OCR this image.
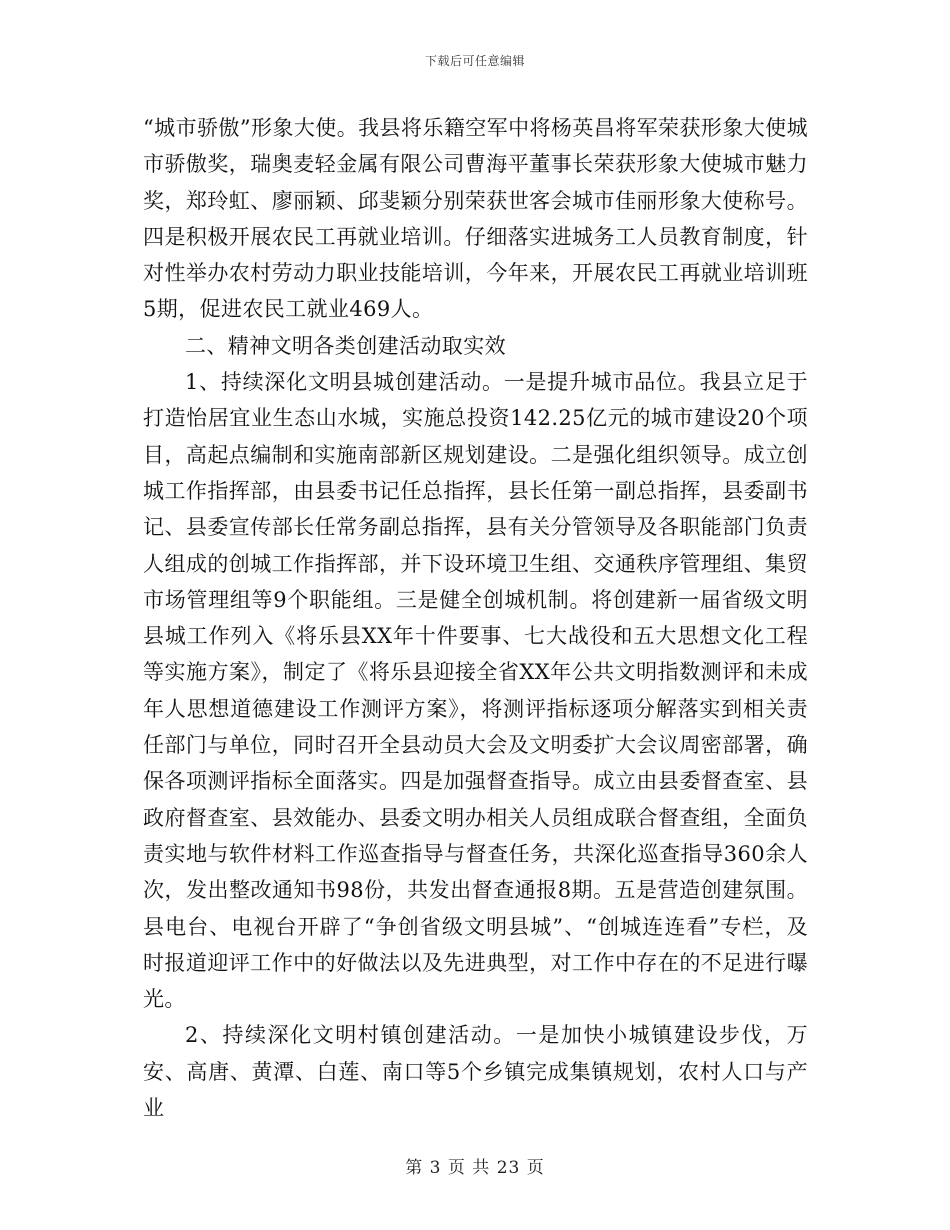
下载后可任意编辑

“城市骄傲”形象大使。我县将乐籍空军中将杨英昌将军荣获形象大使城市骄傲奖，瑞奥麦轻金属有限公司曹海平董事长荣获形象大使城市魅力奖，郑玲虹、廖丽颖、邱斐颖分别荣获世客会城市佳丽形象大使称号。四是积极开展农民工再就业培训。仔细落实进城务工人员教育制度，针对性举办农村劳动力职业技能培训，今年来，开展农民工再就业培训班5期，促进农民工就业469人。

二、精神文明各类创建活动取实效

1、持续深化文明县城创建活动。一是提升城市品位。我县立足于打造怡居宜业生态山水城，实施总投资142.25亿元的城市建设20个项目，高起点编制和实施南部新区规划建设。二是强化组织领导。成立创城工作指挥部，由县委书记任总指挥，县长任第一副总指挥，县委副书记、县委宣传部长任常务副总指挥，县有关分管领导及各职能部门负责人组成的创城工作指挥部，并下设环境卫生组、交通秩序管理组、集贸市场管理组等9个职能组。三是健全创城机制。将创建新一届省级文明县城工作列入《将乐县XX年十件要事、七大战役和五大思想文化工程等实施方案》，制定了《将乐县迎接全省XX年公共文明指数测评和未成年人思想道德建设工作测评方案》，将测评指标逐项分解落实到相关责任部门与单位，同时召开全县动员大会及文明委扩大会议周密部署，确保各项测评指标全面落实。四是加强督查指导。成立由县委督查室、县政府督查室、县效能办、县委文明办相关人员组成联合督查组，全面负责实地与软件材料工作巡查指导与督查任务，共深化巡查指导360余人次，发出整改通知书98份，共发出督查通报8期。五是营造创建氛围。县电台、电视台开辟了“争创省级文明县城”、“创城连连看”专栏，及时报道迎评工作中的好做法以及先进典型，对工作中存在的不足进行曝光。

2、持续深化文明村镇创建活动。一是加快小城镇建设步伐，万安、高唐、黄潭、白莲、南口等5个乡镇完成集镇规划，农村人口与产业

第 3 页 共 23 页
